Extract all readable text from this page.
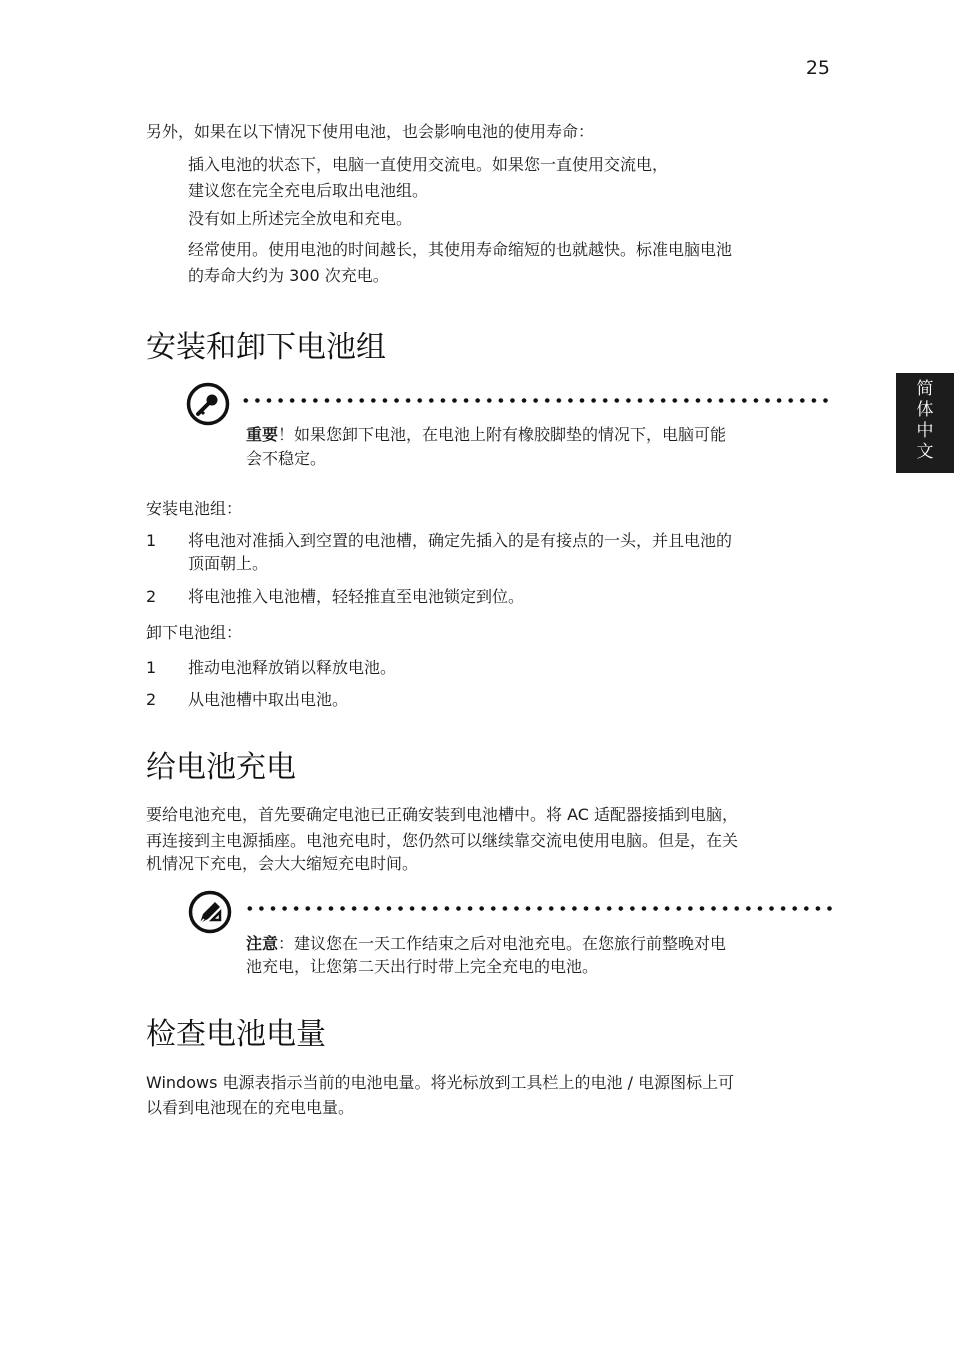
25
简体中文
另外，如果在以下情况下使用电池，也会影响电池的使用寿命：
插入电池的状态下，电脑一直使用交流电。如果您一直使用交流电，
建议您在完全充电后取出电池组。
没有如上所述完全放电和充电。
经常使用。使用电池的时间越长，其使用寿命缩短的也就越快。标准电脑电池
的寿命大约为 300 次充电。
安装和卸下电池组
重要！如果您卸下电池，在电池上附有橡胶脚垫的情况下，电脑可能
会不稳定。
安装电池组：
1	将电池对准插入到空置的电池槽，确定先插入的是有接点的一头，并且电池的
顶面朝上。
2	将电池推入电池槽，轻轻推直至电池锁定到位。
卸下电池组：
1	推动电池释放销以释放电池。
2	从电池槽中取出电池。
给电池充电
要给电池充电，首先要确定电池已正确安装到电池槽中。将 AC 适配器接插到电脑，
再连接到主电源插座。电池充电时，您仍然可以继续靠交流电使用电脑。但是，在关
机情况下充电，会大大缩短充电时间。
注意：建议您在一天工作结束之后对电池充电。在您旅行前整晚对电
池充电，让您第二天出行时带上完全充电的电池。
检查电池电量
Windows 电源表指示当前的电池电量。将光标放到工具栏上的电池 / 电源图标上可
以看到电池现在的充电电量。
